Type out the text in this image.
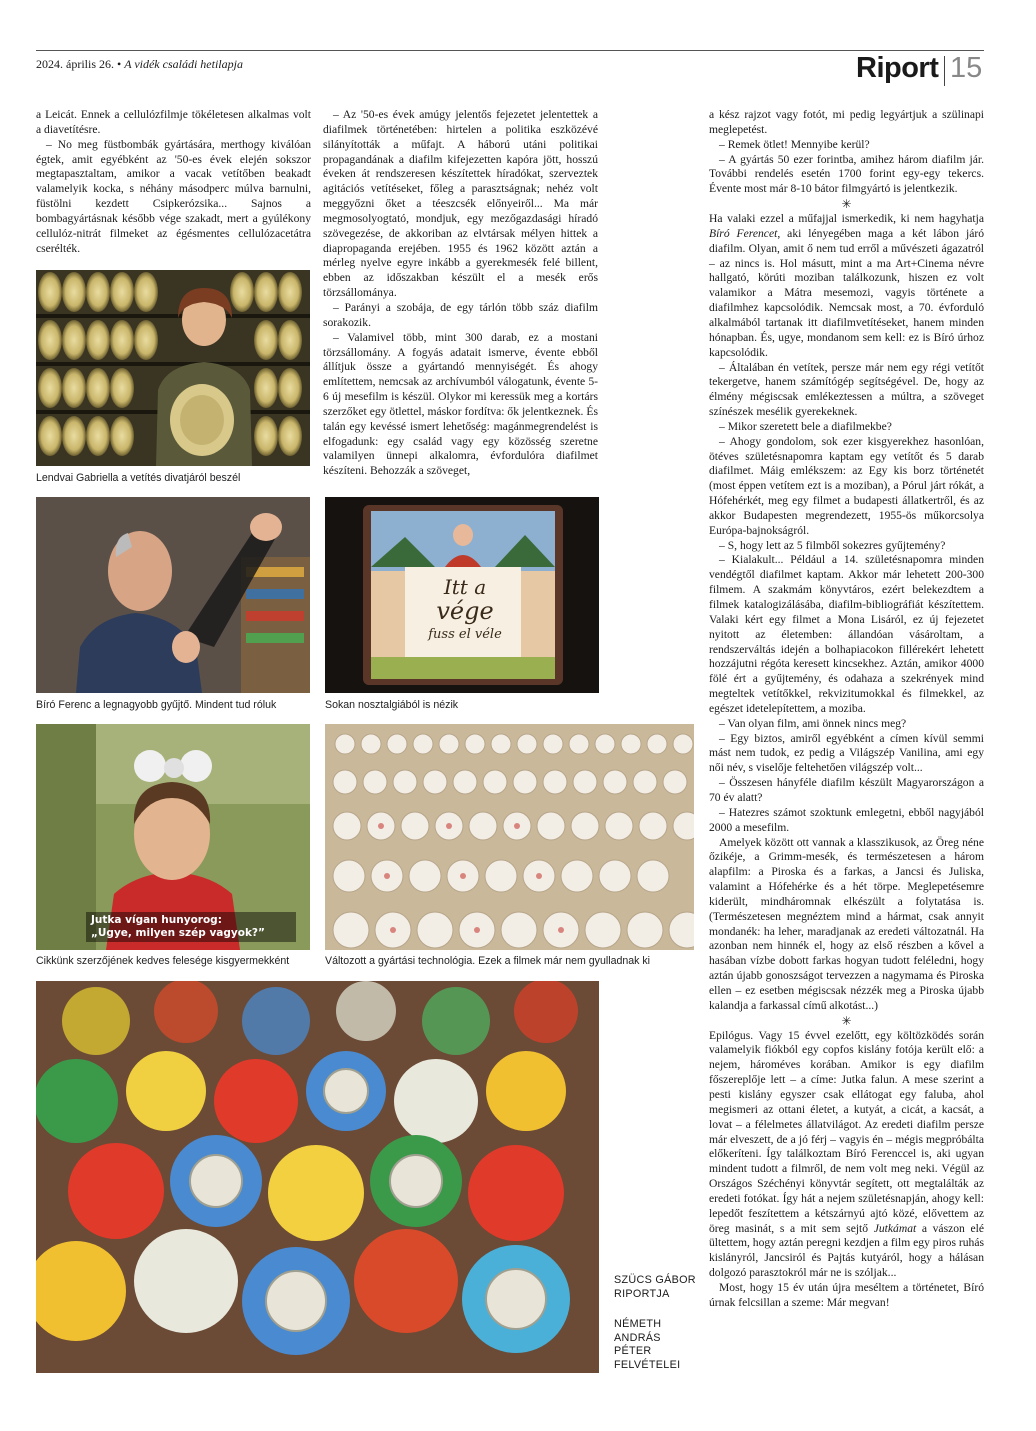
2024. április 26. • A vidék családi hetilapja	Riport 15

a Leicát. Ennek a cellulózfilmje tökéletesen alkalmas volt a diavetítésre.

– No meg füstbombák gyártására, merthogy kiválóan égtek, amit egyébként az '50-es évek elején sokszor megtapasztaltam, amikor a vacak vetítőben beakadt valamelyik kocka, s néhány másodperc múlva barnulni, füstölni kezdett Csipkerózsika... Sajnos a bombagyártásnak később vége szakadt, mert a gyúlékony cellulóz-nitrát filmeket az égésmentes cellulózacetátra cserélték.

– Az '50-es évek amúgy jelentős fejezetet jelentettek a diafilmek történetében: hirtelen a politika eszközévé silányították a műfajt. A háború utáni politikai propagandának a diafilm kifejezetten kapóra jött, hosszú éveken át rendszeresen készítettek híradókat, szerveztek agitációs vetítéseket, főleg a parasztságnak; nehéz volt meggyőzni őket a téeszcsék előnyeiről... Ma már megmosolyogtató, mondjuk, egy mezőgazdasági híradó szövegezése, de akkoriban az elvtársak mélyen hittek a diapropaganda erejében. 1955 és 1962 között aztán a mérleg nyelve egyre inkább a gyerekmesék felé billent, ebben az időszakban készült el a mesék erős törzsállománya.

– Parányi a szobája, de egy tárlón több száz diafilm sorakozik.

– Valamivel több, mint 300 darab, ez a mostani törzsállomány. A fogyás adatait ismerve, évente ebből állítjuk össze a gyártandó mennyiségét. És ahogy említettem, nemcsak az archívumból válogatunk, évente 5-6 új mesefilm is készül. Olykor mi keressük meg a kortárs szerzőket egy ötlettel, máskor fordítva: ők jelentkeznek. És talán egy kevéssé ismert lehetőség: magánmegrendelést is elfogadunk: egy család vagy egy közösség szeretne valamilyen ünnepi alkalomra, évfordulóra diafilmet készíteni. Behozzák a szöveget,

a kész rajzot vagy fotót, mi pedig legyártjuk a szülinapi meglepetést.

– Remek ötlet! Mennyibe kerül?

– A gyártás 50 ezer forintba, amihez három diafilm jár. További rendelés esetén 1700 forint egy-egy tekercs. Évente most már 8-10 bátor filmgyártó is jelentkezik.

✳

Ha valaki ezzel a műfajjal ismerkedik, ki nem hagyhatja Bíró Ferencet, aki lényegében maga a két lábon járó diafilm. Olyan, amit ő nem tud erről a művészeti ágazatról – az nincs is. Hol másutt, mint a ma Art+Cinema névre hallgató, körúti moziban találkozunk, hiszen ez volt valamikor a Mátra mesemozi, vagyis története a diafilmhez kapcsolódik. Nemcsak most, a 70. évforduló alkalmából tartanak itt diafilmvetítéseket, hanem minden hónapban. És, ugye, mondanom sem kell: ez is Bíró úrhoz kapcsolódik.

– Általában én vetítek, persze már nem egy régi vetítőt tekergetve, hanem számítógép segítségével. De, hogy az élmény mégiscsak emlékeztessen a múltra, a szöveget színészek mesélik gyerekeknek.

– Mikor szeretett bele a diafilmekbe?

– Ahogy gondolom, sok ezer kisgyerekhez hasonlóan, ötéves születésnapomra kaptam egy vetítőt és 5 darab diafilmet. Máig emlékszem: az Egy kis borz történetét (most éppen vetítem ezt is a moziban), a Pórul járt rókát, a Hófehérkét, meg egy filmet a budapesti állatkertről, és az akkor Budapesten megrendezett, 1955-ös műkorcsolya Európa-bajnokságról.

– S, hogy lett az 5 filmből sokezres gyűjtemény?

– Kialakult... Például a 14. születésnapomra minden vendégtől diafilmet kaptam. Akkor már lehetett 200-300 filmem. A szakmám könyvtáros, ezért belekezdtem a filmek katalogizálásába, diafilm-bibliográfiát készítettem. Valaki kért egy filmet a Mona Lisáról, ez új fejezetet nyitott az életemben: állandóan vásároltam, a rendszerváltás idején a bolhapiacokon fillérekért lehetett hozzájutni régóta keresett kincsekhez. Aztán, amikor 4000 fölé ért a gyűjtemény, és odahaza a szekrények mind megteltek vetítőkkel, rekvizitumokkal és filmekkel, az egészet idetelepítettem, a moziba.

– Van olyan film, ami önnek nincs meg?

– Egy biztos, amiről egyébként a címen kívül semmi mást nem tudok, ez pedig a Világszép Vanilina, ami egy női név, s viselője feltehetően világszép volt...

– Összesen hányféle diafilm készült Magyarországon a 70 év alatt?

– Hatezres számot szoktunk emlegetni, ebből nagyjából 2000 a mesefilm.

Amelyek között ott vannak a klasszikusok, az Öreg néne őzikéje, a Grimm-mesék, és természetesen a három alapfilm: a Piroska és a farkas, a Jancsi és Juliska, valamint a Hófehérke és a hét törpe. Meglepetésemre kiderült, mindháromnak elkészült a folytatása is. (Természetesen megnéztem mind a hármat, csak annyit mondanék: ha leher, maradjanak az eredeti változatnál. Ha azonban nem hinnék el, hogy az első részben a kővel a hasában vízbe dobott farkas hogyan tudott feléledni, hogy aztán újabb gonoszságot tervezzen a nagymama és Piroska ellen – ez esetben mégiscsak nézzék meg a Piroska újabb kalandja a farkassal című alkotást...)

✳

Epilógus. Vagy 15 évvel ezelőtt, egy költözködés során valamelyik fiókból egy copfos kislány fotója került elő: a nejem, hároméves korában. Amikor is egy diafilm főszereplője lett – a címe: Jutka falun. A mese szerint a pesti kislány egyszer csak ellátogat egy faluba, ahol megismeri az ottani életet, a kutyát, a cicát, a kacsát, a lovat – a félelmetes állatvilágot. Az eredeti diafilm persze már elveszett, de a jó férj – vagyis én – mégis megpróbálta előkeríteni. Így találkoztam Bíró Ferenccel is, aki ugyan mindent tudott a filmről, de nem volt meg neki. Végül az Országos Széchényi könyvtár segített, ott megtalálták az eredeti fotókat. Így hát a nejem születésnapján, ahogy kell: lepedőt feszítettem a kétszárnyú ajtó közé, elővettem az öreg masinát, s a mit sem sejtő Jutkámat a vászon elé ültettem, hogy aztán peregni kezdjen a film egy piros ruhás kislányról, Jancsiról és Pajtás kutyáról, hogy a hálásan dolgozó parasztokról már ne is szóljak...

Most, hogy 15 év után újra meséltem a történetet, Bíró úrnak felcsillan a szeme: Már megvan!

Lendvai Gabriella a vetítés divatjáról beszél
Bíró Ferenc a legnagyobb gyűjtő. Mindent tud róluk
Itt a
vége
fuss el véle
Sokan nosztalgiából is nézik
Jutka vígan hunyorog:
„Ugye, milyen szép vagyok?”
Cikkünk szerzőjének kedves felesége kisgyermekként	Változott a gyártási technológia. Ezek a filmek már nem gyulladnak ki
SZÜCS GÁBOR
RIPORTJA
NÉMETH
ANDRÁS
PÉTER
FELVÉTELEI
